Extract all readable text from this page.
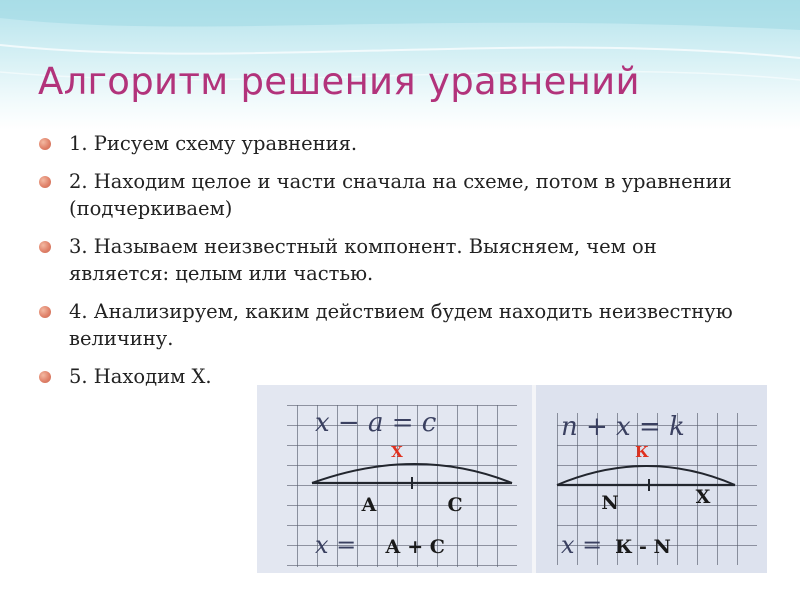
Алгоритм решения уравнений
1. Рисуем схему уравнения.
2. Находим целое и части сначала на схеме, потом в уравнении (подчеркиваем)
3. Называем неизвестный компонент. Выясняем, чем он является: целым или частью.
4. Анализируем, каким действием будем находить неизвестную величину.
5. Находим Х.
x − a = c
Х
А	С
x = А + С
n + x = k
К
N	Х
x = К - N
